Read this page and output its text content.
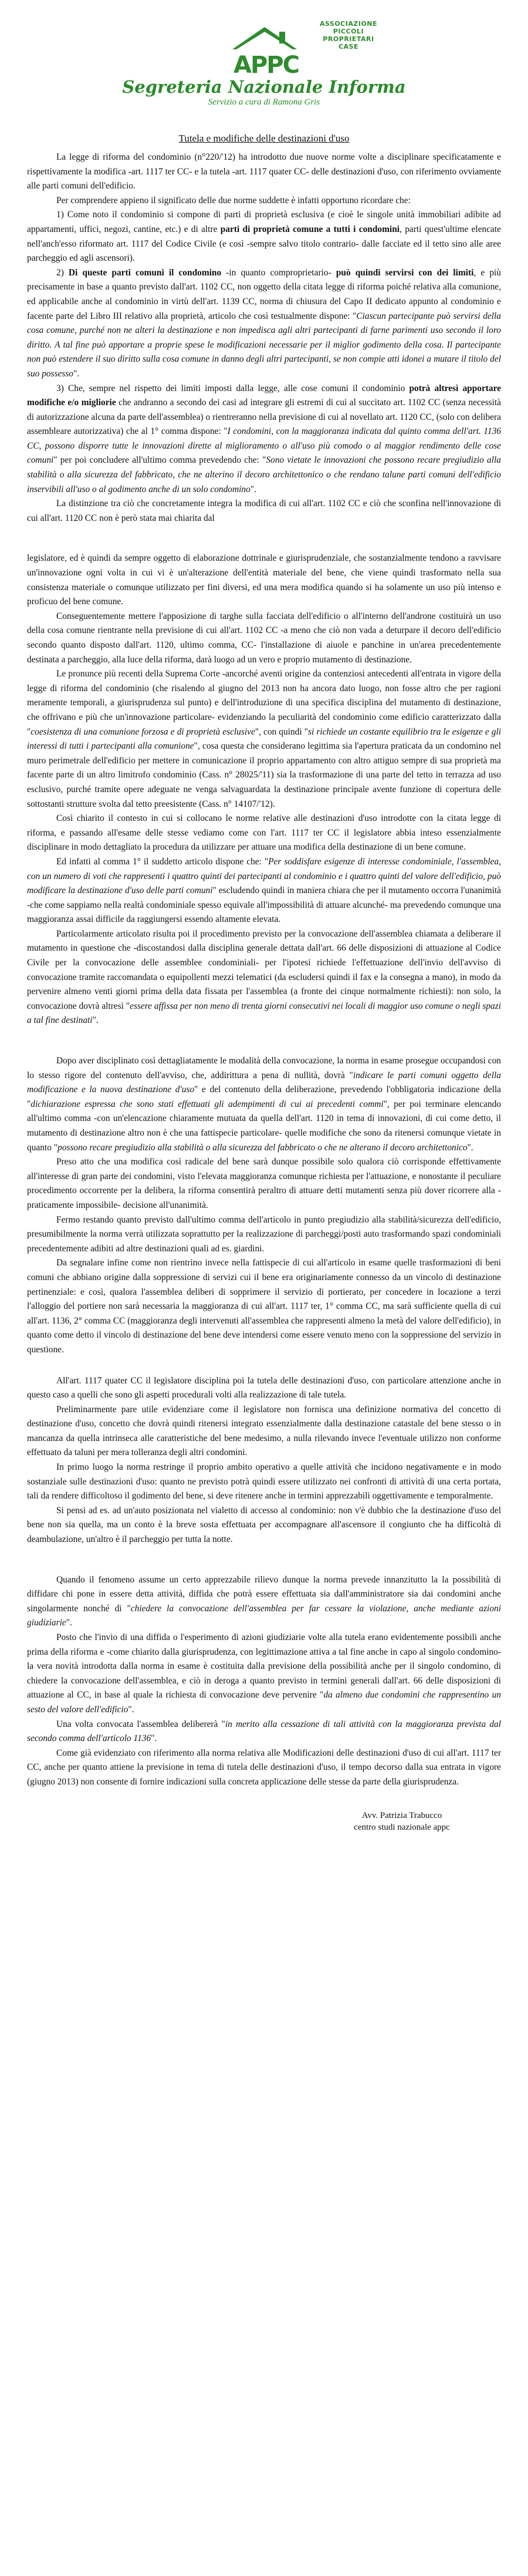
APPC
ASSOCIAZIONE
PICCOLI
PROPRIETARI
CASE
Segreteria Nazionale Informa
Servizio a cura di Ramona Gris
Tutela e modifiche delle destinazioni d'uso

La legge di riforma del condominio (n°220/'12) ha introdotto due nuove norme volte a disciplinare specificatamente e rispettivamente la modifica -art. 1117 ter CC- e la tutela -art. 1117 quater CC- delle destinazioni d'uso, con riferimento ovviamente alle parti comuni dell'edificio.

Per comprendere appieno il significato delle due norme suddette è infatti opportuno ricordare che:

1) Come noto il condominio si compone di parti di proprietà esclusiva (e cioè le singole unità immobiliari adibite ad appartamenti, uffici, negozi, cantine, etc.) e di altre parti di proprietà comune a tutti i condomini, parti quest'ultime elencate nell'anch'esso riformato art. 1117 del Codice Civile (e così -sempre salvo titolo contrario- dalle facciate ed il tetto sino alle aree parcheggio ed agli ascensori).

2) Di queste parti comuni il condomino -in quanto comproprietario- può quindi servirsi con dei limiti, e più precisamente in base a quanto previsto dall'art. 1102 CC, non oggetto della citata legge di riforma poiché relativa alla comunione, ed applicabile anche al condominio in virtù dell'art. 1139 CC, norma di chiusura del Capo II dedicato appunto al condominio e facente parte del Libro III relativo alla proprietà, articolo che così testualmente dispone: "Ciascun partecipante può servirsi della cosa comune, purché non ne alteri la destinazione e non impedisca agli altri partecipanti di farne parimenti uso secondo il loro diritto. A tal fine può apportare a proprie spese le modificazioni necessarie per il miglior godimento della cosa. Il partecipante non può estendere il suo diritto sulla cosa comune in danno degli altri partecipanti, se non compie atti idonei a mutare il titolo del suo possesso".

3) Che, sempre nel rispetto dei limiti imposti dalla legge, alle cose comuni il condominio potrà altresì apportare modifiche e/o migliorie che andranno a secondo dei casi ad integrare gli estremi di cui al succitato art. 1102 CC (senza necessità di autorizzazione alcuna da parte dell'assemblea) o rientreranno nella previsione di cui al novellato art. 1120 CC, (solo con delibera assembleare autorizzativa) che al 1° comma dispone: "I condomini, con la maggioranza indicata dal quinto comma dell'art. 1136 CC, possono disporre tutte le innovazioni dirette al miglioramento o all'uso più comodo o al maggior rendimento delle cose comuni" per poi concludere all'ultimo comma prevedendo che: "Sono vietate le innovazioni che possono recare pregiudizio alla stabilità o alla sicurezza del fabbricato, che ne alterino il decoro architettonico o che rendano talune parti comuni dell'edificio inservibili all'uso o al godimento anche di un solo condomino".

La distinzione tra ciò che concretamente integra la modifica di cui all'art. 1102 CC e ciò che sconfina nell'innovazione di cui all'art. 1120 CC non è però stata mai chiarita dal

legislatore, ed è quindi da sempre oggetto di elaborazione dottrinale e giurisprudenziale, che sostanzialmente tendono a ravvisare un'innovazione ogni volta in cui vi è un'alterazione dell'entità materiale del bene, che viene quindi trasformato nella sua consistenza materiale o comunque utilizzato per fini diversi, ed una mera modifica quando si ha solamente un uso più intenso e proficuo del bene comune.

Conseguentemente mettere l'apposizione di targhe sulla facciata dell'edificio o all'interno dell'androne costituirà un uso della cosa comune rientrante nella previsione di cui all'art. 1102 CC -a meno che ciò non vada a deturpare il decoro dell'edificio secondo quanto disposto dall'art. 1120, ultimo comma, CC- l'installazione di aiuole e panchine in un'area precedentemente destinata a parcheggio, alla luce della riforma, darà luogo ad un vero e proprio mutamento di destinazione.

Le pronunce più recenti della Suprema Corte -ancorché aventi origine da contenziosi antecedenti all'entrata in vigore della legge di riforma del condominio (che risalendo al giugno del 2013 non ha ancora dato luogo, non fosse altro che per ragioni meramente temporali, a giurisprudenza sul punto) e dell'introduzione di una specifica disciplina del mutamento di destinazione, che offrivano e più che un'innovazione particolare- evidenziando la peculiarità del condominio come edificio caratterizzato dalla "coesistenza di una comunione forzosa e di proprietà esclusive", con quindi "si richiede un costante equilibrio tra le esigenze e gli interessi di tutti i partecipanti alla comunione", cosa questa che considerano legittima sia l'apertura praticata da un condomino nel muro perimetrale dell'edificio per mettere in comunicazione il proprio appartamento con altro attiguo sempre di sua proprietà ma facente parte di un altro limitrofo condominio (Cass. n° 28025/'11) sia la trasformazione di una parte del tetto in terrazza ad uso esclusivo, purché tramite opere adeguate ne venga salvaguardata la destinazione principale avente funzione di copertura delle sottostanti strutture svolta dal tetto preesistente (Cass. n° 14107/'12).

Così chiarito il contesto in cui si collocano le norme relative alle destinazioni d'uso introdotte con la citata legge di riforma, e passando all'esame delle stesse vediamo come con l'art. 1117 ter CC il legislatore abbia inteso essenzialmente disciplinare in modo dettagliato la procedura da utilizzare per attuare una modifica della destinazione di un bene comune.

Ed infatti al comma 1° il suddetto articolo dispone che: "Per soddisfare esigenze di interesse condominiale, l'assemblea, con un numero di voti che rappresenti i quattro quinti dei partecipanti al condominio e i quattro quinti del valore dell'edificio, può modificare la destinazione d'uso delle parti comuni" escludendo quindi in maniera chiara che per il mutamento occorra l'unanimità -che come sappiamo nella realtà condominiale spesso equivale all'impossibilità di attuare alcunché- ma prevedendo comunque una maggioranza assai difficile da raggiungersi essendo altamente elevata.

Particolarmente articolato risulta poi il procedimento previsto per la convocazione dell'assemblea chiamata a deliberare il mutamento in questione che -discostandosi dalla disciplina generale dettata dall'art. 66 delle disposizioni di attuazione al Codice Civile per la convocazione delle assemblee condominiali- per l'ipotesi richiede l'effettuazione dell'invio dell'avviso di convocazione tramite raccomandata o equipollenti mezzi telematici (da escludersi quindi il fax e la consegna a mano), in modo da pervenire almeno venti giorni prima della data fissata per l'assemblea (a fronte dei cinque normalmente richiesti): non solo, la convocazione dovrà altresì "essere affissa per non meno di trenta giorni consecutivi nei locali di maggior uso comune o negli spazi a tal fine destinati".

Dopo aver disciplinato così dettagliatamente le modalità della convocazione, la norma in esame prosegue occupandosi con lo stesso rigore del contenuto dell'avviso, che, addirittura a pena di nullità, dovrà "indicare le parti comuni oggetto della modificazione e la nuova destinazione d'uso" e del contenuto della deliberazione, prevedendo l'obbligatoria indicazione della "dichiarazione espressa che sono stati effettuati gli adempimenti di cui ai precedenti commi", per poi terminare elencando all'ultimo comma -con un'elencazione chiaramente mutuata da quella dell'art. 1120 in tema di innovazioni, di cui come detto, il mutamento di destinazione altro non è che una fattispecie particolare- quelle modifiche che sono da ritenersi comunque vietate in quanto "possono recare pregiudizio alla stabilità o alla sicurezza del fabbricato o che ne alterano il decoro architettonico".

Preso atto che una modifica così radicale del bene sarà dunque possibile solo qualora ciò corrisponde effettivamente all'interesse di gran parte dei condomini, visto l'elevata maggioranza comunque richiesta per l'attuazione, e nonostante il peculiare procedimento occorrente per la delibera, la riforma consentirà peraltro di attuare detti mutamenti senza più dover ricorrere alla -praticamente impossibile- decisione all'unanimità.

Fermo restando quanto previsto dall'ultimo comma dell'articolo in punto pregiudizio alla stabilità/sicurezza dell'edificio, presumibilmente la norma verrà utilizzata soprattutto per la realizzazione di parcheggi/posti auto trasformando spazi condominiali precedentemente adibiti ad altre destinazioni quali ad es. giardini.

Da segnalare infine come non rientrino invece nella fattispecie di cui all'articolo in esame quelle trasformazioni di beni comuni che abbiano origine dalla soppressione di servizi cui il bene era originariamente connesso da un vincolo di destinazione pertinenziale: e così, qualora l'assemblea deliberi di sopprimere il servizio di portierato, per concedere in locazione a terzi l'alloggio del portiere non sarà necessaria la maggioranza di cui all'art. 1117 ter, 1° comma CC, ma sarà sufficiente quella di cui all'art. 1136, 2° comma CC (maggioranza degli intervenuti all'assemblea che rappresenti almeno la metà del valore dell'edificio), in quanto come detto il vincolo di destinazione del bene deve intendersi come essere venuto meno con la soppressione del servizio in questione.

All'art. 1117 quater CC il legislatore disciplina poi la tutela delle destinazioni d'uso, con particolare attenzione anche in questo caso a quelli che sono gli aspetti procedurali volti alla realizzazione di tale tutela.

Preliminarmente pare utile evidenziare come il legislatore non fornisca una definizione normativa del concetto di destinazione d'uso, concetto che dovrà quindi ritenersi integrato essenzialmente dalla destinazione catastale del bene stesso o in mancanza da quella intrinseca alle caratteristiche del bene medesimo, a nulla rilevando invece l'eventuale utilizzo non conforme effettuato da taluni per mera tolleranza degli altri condomini.

In primo luogo la norma restringe il proprio ambito operativo a quelle attività che incidono negativamente e in modo sostanziale sulle destinazioni d'uso: quanto ne previsto potrà quindi essere utilizzato nei confronti di attività di una certa portata, tali da rendere difficoltoso il godimento del bene, si deve ritenere anche in termini apprezzabili oggettivamente e temporalmente.

Si pensi ad es. ad un'auto posizionata nel vialetto di accesso al condominio: non v'è dubbio che la destinazione d'uso del bene non sia quella, ma un conto è la breve sosta effettuata per accompagnare all'ascensore il congiunto che ha difficoltà di deambulazione, un'altro è il parcheggio per tutta la notte.

Quando il fenomeno assume un certo apprezzabile rilievo dunque la norma prevede innanzitutto la la possibilità di diffidare chi pone in essere detta attività, diffida che potrà essere effettuata sia dall'amministratore sia dai condomini anche singolarmente nonché di "chiedere la convocazione dell'assemblea per far cessare la violazione, anche mediante azioni giudiziarie".

Posto che l'invio di una diffida o l'esperimento di azioni giudiziarie volte alla tutela erano evidentemente possibili anche prima della riforma e -come chiarito dalla giurisprudenza, con legittimazione attiva a tal fine anche in capo al singolo condomino- la vera novità introdotta dalla norma in esame è costituita dalla previsione della possibilità anche per il singolo condomino, di chiedere la convocazione dell'assemblea, e ciò in deroga a quanto previsto in termini generali dall'art. 66 delle disposizioni di attuazione al CC, in base al quale la richiesta di convocazione deve pervenire "da almeno due condomini che rappresentino un sesto del valore dell'edificio".

Una volta convocata l'assemblea delibererà "in merito alla cessazione di tali attività con la maggioranza prevista dal secondo comma dell'articolo 1136".

Come già evidenziato con riferimento alla norma relativa alle Modificazioni delle destinazioni d'uso di cui all'art. 1117 ter CC, anche per quanto attiene la previsione in tema di tutela delle destinazioni d'uso, il tempo decorso dalla sua entrata in vigore (giugno 2013) non consente di fornire indicazioni sulla concreta applicazione delle stesse da parte della giurisprudenza.

Avv. Patrizia Trabucco
centro studi nazionale appc
